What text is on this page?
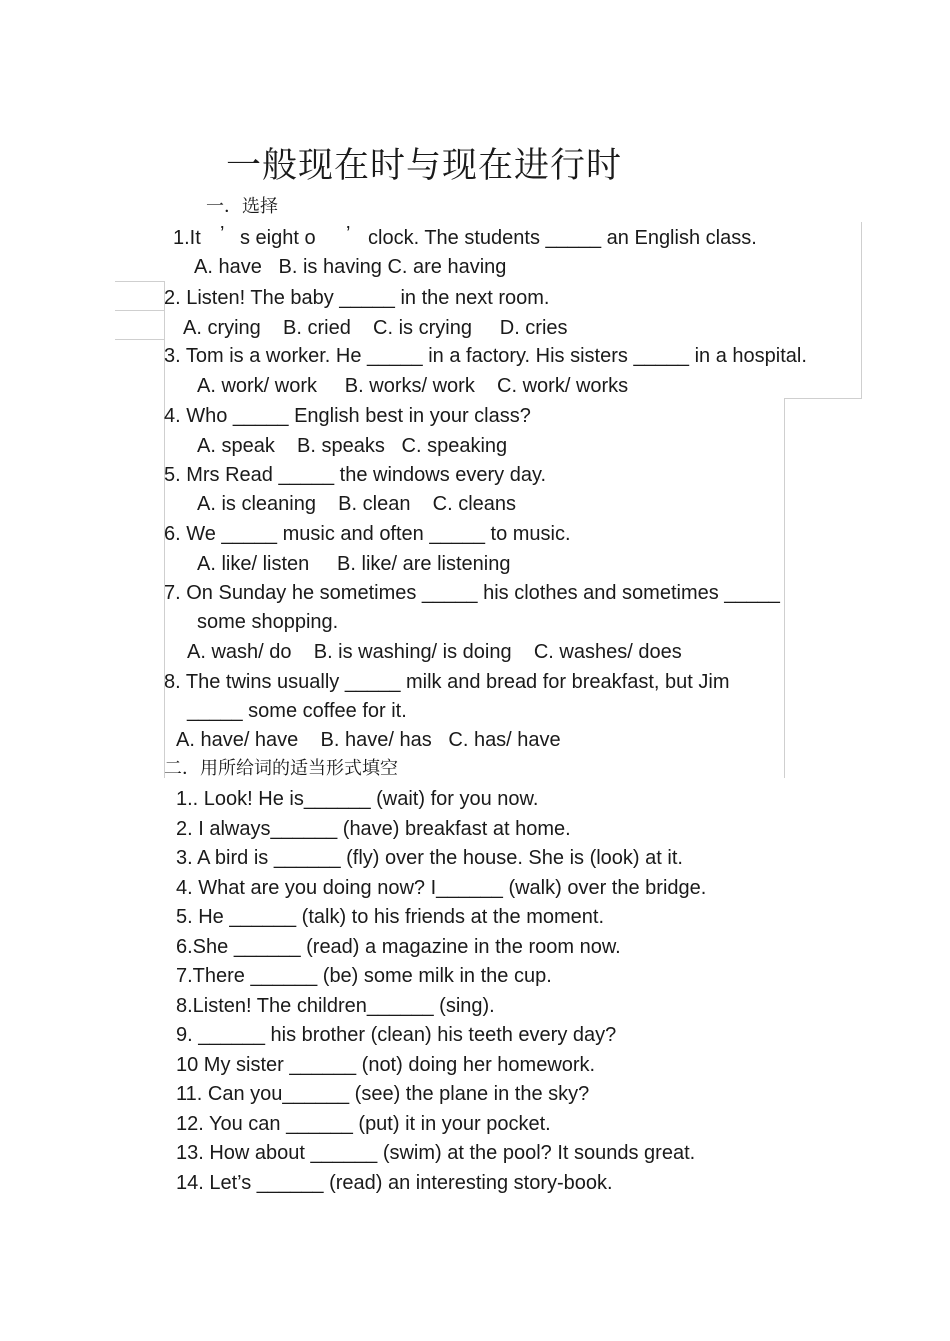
一般现在时与现在进行时
一．选择
1.It ’ s eight o ’ clock. The students _____ an English class.
A. have   B. is having C. are having
2. Listen! The baby _____ in the next room.
A. crying    B. cried    C. is crying     D. cries
3. Tom is a worker. He _____ in a factory. His sisters _____ in a hospital.
A. work/ work     B. works/ work    C. work/ works
4. Who _____ English best in your class?
A. speak    B. speaks   C. speaking
5. Mrs Read _____ the windows every day.
A. is cleaning    B. clean    C. cleans
6. We _____ music and often _____ to music.
A. like/ listen     B. like/ are listening
7. On Sunday he sometimes _____ his clothes and sometimes _____
some shopping.
A. wash/ do    B. is washing/ is doing    C. washes/ does
8. The twins usually _____ milk and bread for breakfast, but Jim
_____ some coffee for it.
A. have/ have    B. have/ has   C. has/ have
二．用所给词的适当形式填空
1.. Look! He is______ (wait) for you now.
2. I always______ (have) breakfast at home.
3. A bird is ______ (fly) over the house. She is (look) at it.
4. What are you doing now? I______ (walk) over the bridge.
5. He ______ (talk) to his friends at the moment.
6.She ______ (read) a magazine in the room now.
7.There ______ (be) some milk in the cup.
8.Listen! The children______ (sing).
9. ______ his brother (clean) his teeth every day?
10 My sister ______ (not) doing her homework.
11. Can you______ (see) the plane in the sky?
12. You can ______ (put) it in your pocket.
13. How about ______ (swim) at the pool? It sounds great.
14. Let’s ______ (read) an interesting story-book.
